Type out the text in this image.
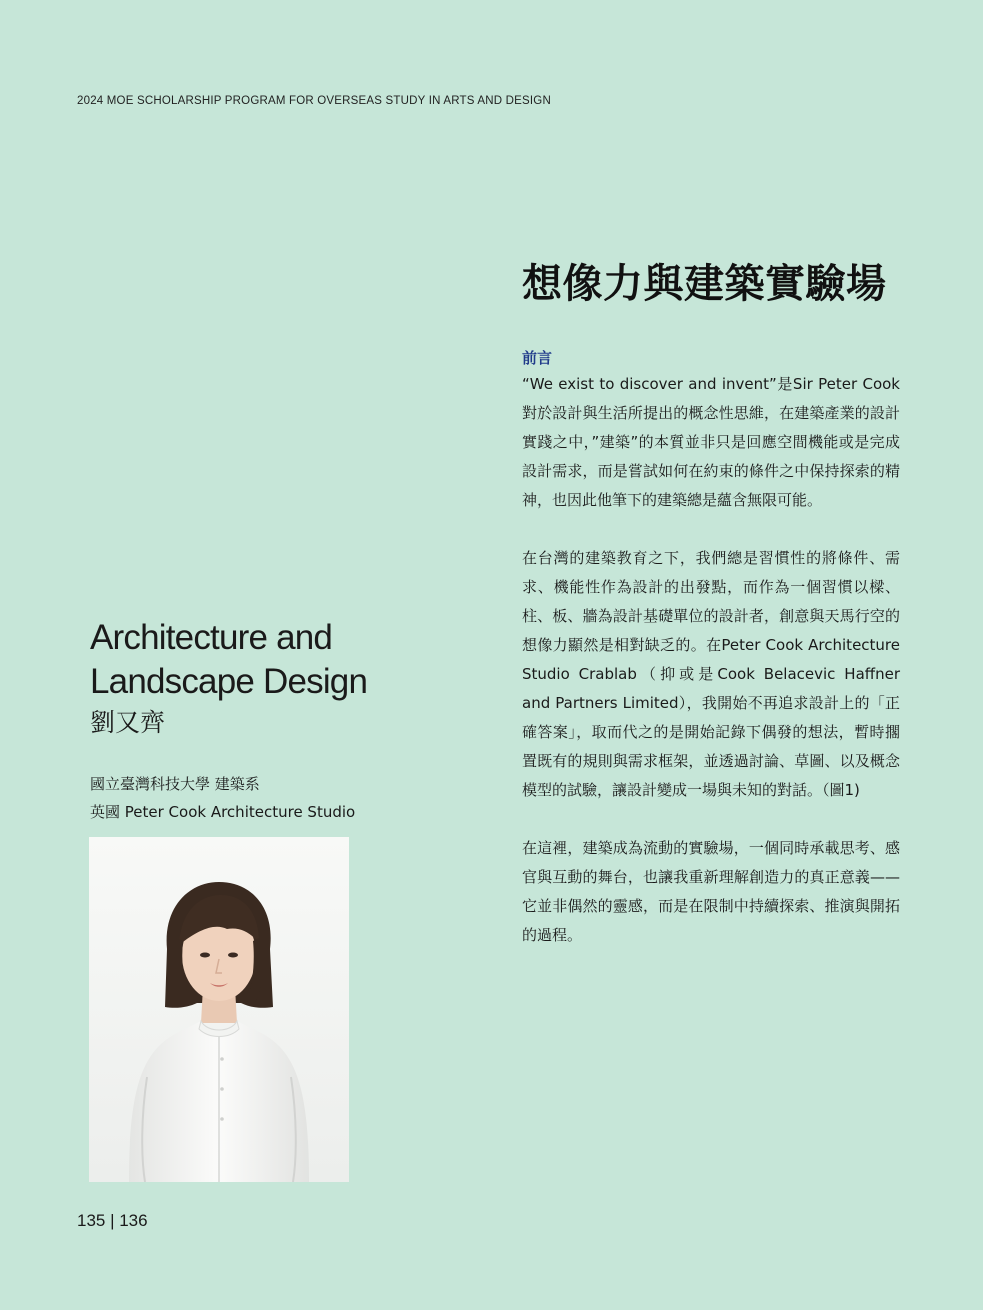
2024 MOE SCHOLARSHIP PROGRAM FOR OVERSEAS STUDY IN ARTS AND DESIGN
想像力與建築實驗場
前言

“We exist to discover and invent”是Sir Peter Cook對於設計與生活所提出的概念性思維，在建築產業的設計實踐之中，”建築”的本質並非只是回應空間機能或是完成設計需求，而是嘗試如何在約束的條件之中保持探索的精神，也因此他筆下的建築總是蘊含無限可能。

在台灣的建築教育之下，我們總是習慣性的將條件、需求、機能性作為設計的出發點，而作為一個習慣以樑、柱、板、牆為設計基礎單位的設計者，創意與天馬行空的想像力顯然是相對缺乏的。在Peter Cook Architecture Studio Crablab（抑或是Cook Belacevic Haffner and Partners Limited），我開始不再追求設計上的「正確答案」，取而代之的是開始記錄下偶發的想法，暫時擱置既有的規則與需求框架，並透過討論、草圖、以及概念模型的試驗，讓設計變成一場與未知的對話。（圖1)

在這裡，建築成為流動的實驗場，一個同時承載思考、感官與互動的舞台，也讓我重新理解創造力的真正意義——它並非偶然的靈感，而是在限制中持續探索、推演與開拓的過程。

Architecture and Landscape Design
劉又齊
國立臺灣科技大學 建築系
英國 Peter Cook Architecture Studio
135 | 136
